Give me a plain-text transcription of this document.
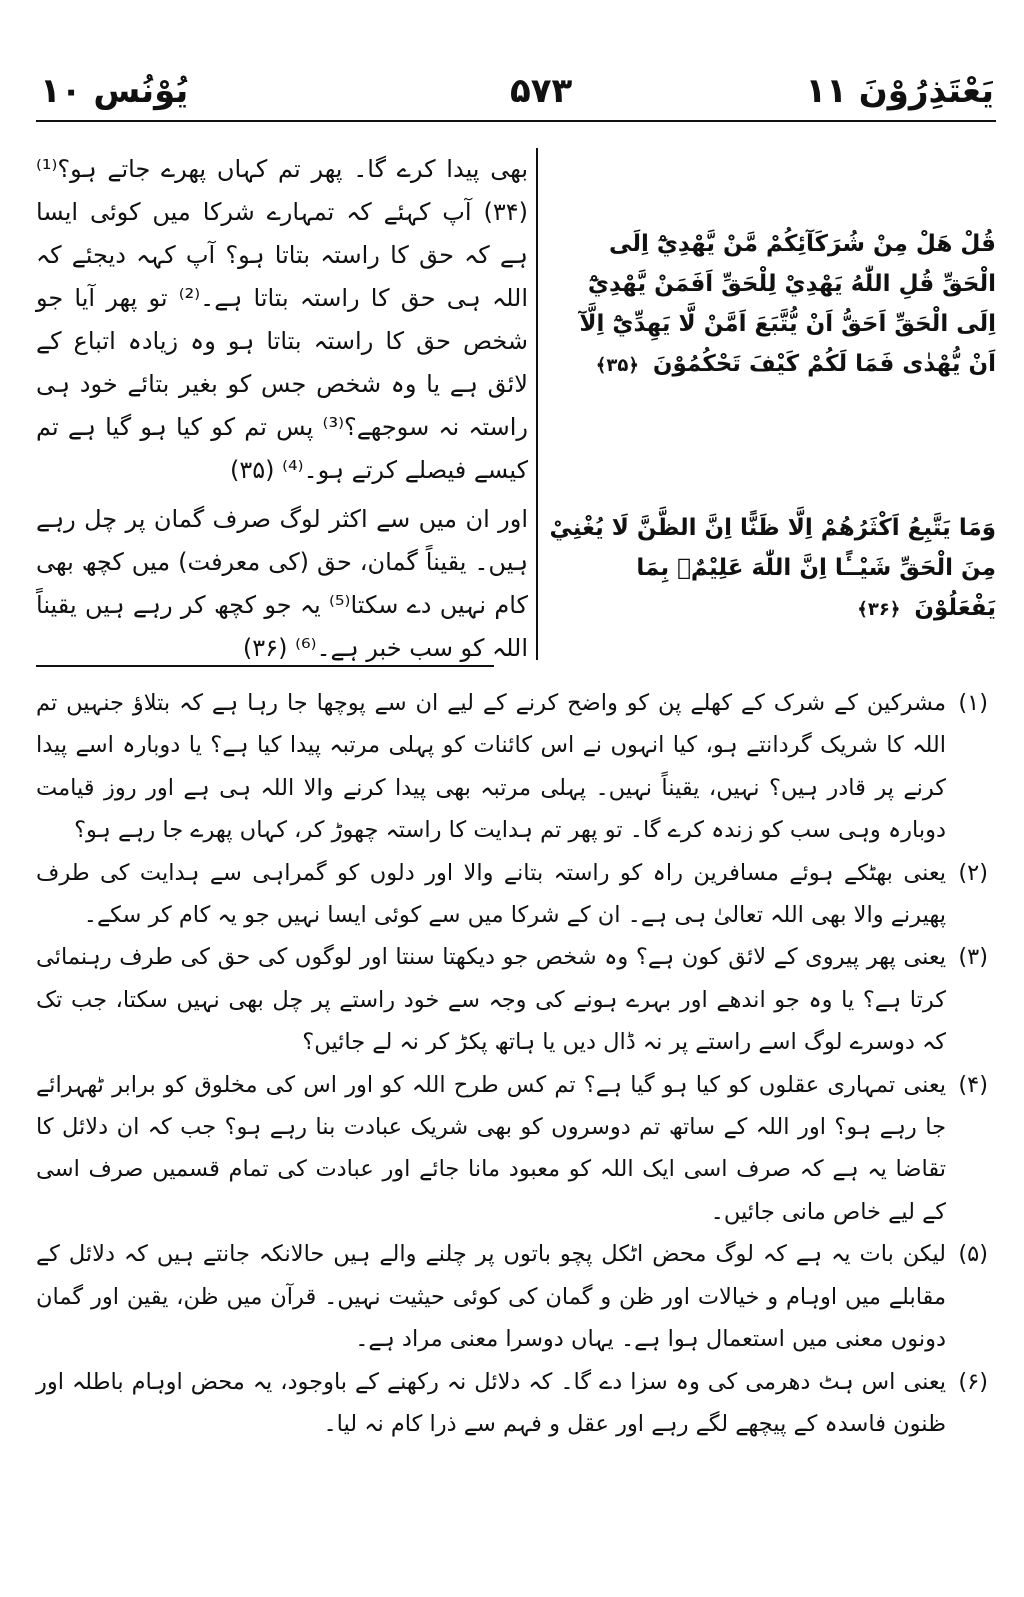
یَعْتَذِرُوْنَ ۱۱
۵۷۳
یُوْنُس ۱۰

قُلْ هَلْ مِنْ شُرَكَآئِكُمْ مَّنْ يَّهْدِيْٓ اِلَى الْحَقِّ قُلِ اللّٰهُ يَهْدِيْ لِلْحَقِّ اَفَمَنْ يَّهْدِيْٓ اِلَى الْحَقِّ اَحَقُّ اَنْ يُّتَّبَعَ اَمَّنْ لَّا يَهِدِّيْٓ اِلَّآ اَنْ يُّهْدٰى فَمَا لَكُمْ كَيْفَ تَحْكُمُوْنَ ﴿۳۵﴾

وَمَا يَتَّبِعُ اَكْثَرُهُمْ اِلَّا ظَنًّا اِنَّ الظَّنَّ لَا يُغْنِيْ مِنَ الْحَقِّ شَيْــًٔا اِنَّ اللّٰهَ عَلِيْمٌۢ بِمَا يَفْعَلُوْنَ ﴿۳۶﴾

بھی پیدا کرے گا۔ پھر تم کہاں پھرے جاتے ہو؟⁽¹⁾ (۳۴) آپ کہئے کہ تمہارے شرکا میں کوئی ایسا ہے کہ حق کا راستہ بتاتا ہو؟ آپ کہہ دیجئے کہ اللہ ہی حق کا راستہ بتاتا ہے۔⁽²⁾ تو پھر آیا جو شخص حق کا راستہ بتاتا ہو وہ زیادہ اتباع کے لائق ہے یا وہ شخص جس کو بغیر بتائے خود ہی راستہ نہ سوجھے؟⁽³⁾ پس تم کو کیا ہو گیا ہے تم کیسے فیصلے کرتے ہو۔⁽⁴⁾ (۳۵)

اور ان میں سے اکثر لوگ صرف گمان پر چل رہے ہیں۔ یقیناً گمان، حق (کی معرفت) میں کچھ بھی کام نہیں دے سکتا⁽⁵⁾ یہ جو کچھ کر رہے ہیں یقیناً اللہ کو سب خبر ہے۔⁽⁶⁾ (۳۶)

(۱)
مشرکین کے شرک کے کھلے پن کو واضح کرنے کے لیے ان سے پوچھا جا رہا ہے کہ بتلاؤ جنہیں تم اللہ کا شریک گردانتے ہو، کیا انہوں نے اس کائنات کو پہلی مرتبہ پیدا کیا ہے؟ یا دوبارہ اسے پیدا کرنے پر قادر ہیں؟ نہیں، یقیناً نہیں۔ پہلی مرتبہ بھی پیدا کرنے والا اللہ ہی ہے اور روز قیامت دوبارہ وہی سب کو زندہ کرے گا۔ تو پھر تم ہدایت کا راستہ چھوڑ کر، کہاں پھرے جا رہے ہو؟
(۲)
یعنی بھٹکے ہوئے مسافرین راہ کو راستہ بتانے والا اور دلوں کو گمراہی سے ہدایت کی طرف پھیرنے والا بھی اللہ تعالیٰ ہی ہے۔ ان کے شرکا میں سے کوئی ایسا نہیں جو یہ کام کر سکے۔
(۳)
یعنی پھر پیروی کے لائق کون ہے؟ وہ شخص جو دیکھتا سنتا اور لوگوں کی حق کی طرف رہنمائی کرتا ہے؟ یا وہ جو اندھے اور بہرے ہونے کی وجہ سے خود راستے پر چل بھی نہیں سکتا، جب تک کہ دوسرے لوگ اسے راستے پر نہ ڈال دیں یا ہاتھ پکڑ کر نہ لے جائیں؟
(۴)
یعنی تمہاری عقلوں کو کیا ہو گیا ہے؟ تم کس طرح اللہ کو اور اس کی مخلوق کو برابر ٹھہرائے جا رہے ہو؟ اور اللہ کے ساتھ تم دوسروں کو بھی شریک عبادت بنا رہے ہو؟ جب کہ ان دلائل کا تقاضا یہ ہے کہ صرف اسی ایک اللہ کو معبود مانا جائے اور عبادت کی تمام قسمیں صرف اسی کے لیے خاص مانی جائیں۔
(۵)
لیکن بات یہ ہے کہ لوگ محض اٹکل پچو باتوں پر چلنے والے ہیں حالانکہ جانتے ہیں کہ دلائل کے مقابلے میں اوہام و خیالات اور ظن و گمان کی کوئی حیثیت نہیں۔ قرآن میں ظن، یقین اور گمان دونوں معنی میں استعمال ہوا ہے۔ یہاں دوسرا معنی مراد ہے۔
(۶)
یعنی اس ہٹ دھرمی کی وہ سزا دے گا۔ کہ دلائل نہ رکھنے کے باوجود، یہ محض اوہام باطلہ اور ظنون فاسدہ کے پیچھے لگے رہے اور عقل و فہم سے ذرا کام نہ لیا۔
